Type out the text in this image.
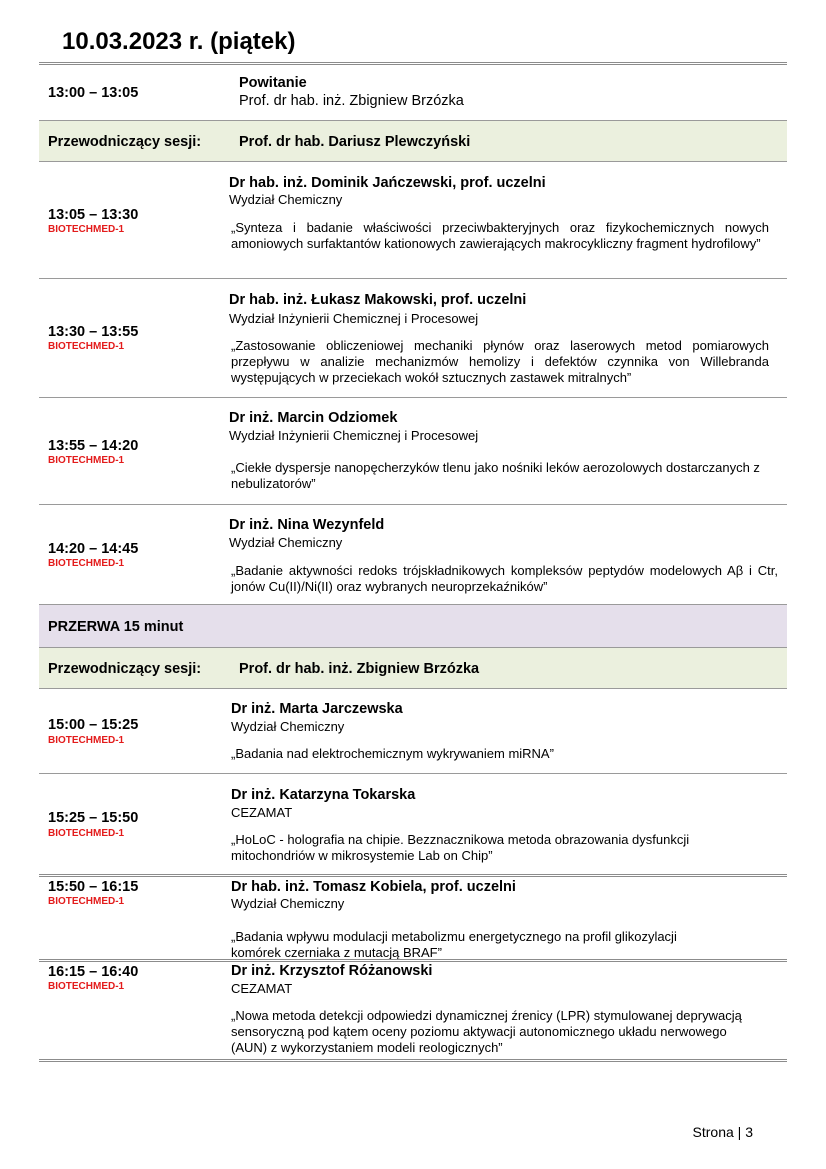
10.03.2023 r. (piątek)
13:00 – 13:05
Powitanie
Prof. dr hab. inż. Zbigniew Brzózka
Przewodniczący sesji:	Prof. dr hab. Dariusz Plewczyński
13:05 – 13:30
BIOTECHMED-1
Dr hab. inż. Dominik Jańczewski, prof. uczelni
Wydział Chemiczny
„Synteza i badanie właściwości przeciwbakteryjnych oraz fizykochemicznych nowych amoniowych surfaktantów kationowych zawierających makrocykliczny fragment hydrofilowy”
13:30 – 13:55
BIOTECHMED-1
Dr hab. inż. Łukasz Makowski, prof. uczelni
Wydział Inżynierii Chemicznej i Procesowej
„Zastosowanie obliczeniowej mechaniki płynów oraz laserowych metod pomiarowych przepływu w analizie mechanizmów hemolizy i defektów czynnika von Willebranda występujących w przeciekach wokół sztucznych zastawek mitralnych”
13:55 – 14:20
BIOTECHMED-1
Dr inż. Marcin Odziomek
Wydział Inżynierii Chemicznej i Procesowej
„Ciekłe dyspersje nanopęcherzyków tlenu jako nośniki leków aerozolowych dostarczanych z nebulizatorów”
14:20 – 14:45
BIOTECHMED-1
Dr inż. Nina Wezynfeld
Wydział Chemiczny
„Badanie aktywności redoks trójskładnikowych kompleksów peptydów modelowych Aβ i Ctr, jonów Cu(II)/Ni(II) oraz wybranych neuroprzekaźników”
PRZERWA 15 minut
Przewodniczący sesji:	Prof. dr hab. inż. Zbigniew Brzózka
15:00 – 15:25
BIOTECHMED-1
Dr inż. Marta Jarczewska
Wydział Chemiczny
„Badania nad elektrochemicznym wykrywaniem miRNA”
15:25 – 15:50
BIOTECHMED-1
Dr inż. Katarzyna Tokarska
CEZAMAT
„HoLoC - holografia na chipie. Bezznacznikowa metoda obrazowania dysfunkcji mitochondriów w mikrosystemie Lab on Chip”
15:50 – 16:15
BIOTECHMED-1
Dr hab. inż. Tomasz Kobiela, prof. uczelni
Wydział Chemiczny
„Badania wpływu modulacji metabolizmu energetycznego na profil glikozylacji komórek czerniaka z mutacją BRAF”
16:15 – 16:40
BIOTECHMED-1
Dr inż. Krzysztof Różanowski
CEZAMAT
„Nowa metoda detekcji odpowiedzi dynamicznej źrenicy (LPR) stymulowanej deprywacją sensoryczną pod kątem oceny poziomu aktywacji autonomicznego układu nerwowego (AUN) z wykorzystaniem modeli reologicznych”
Strona | 3
